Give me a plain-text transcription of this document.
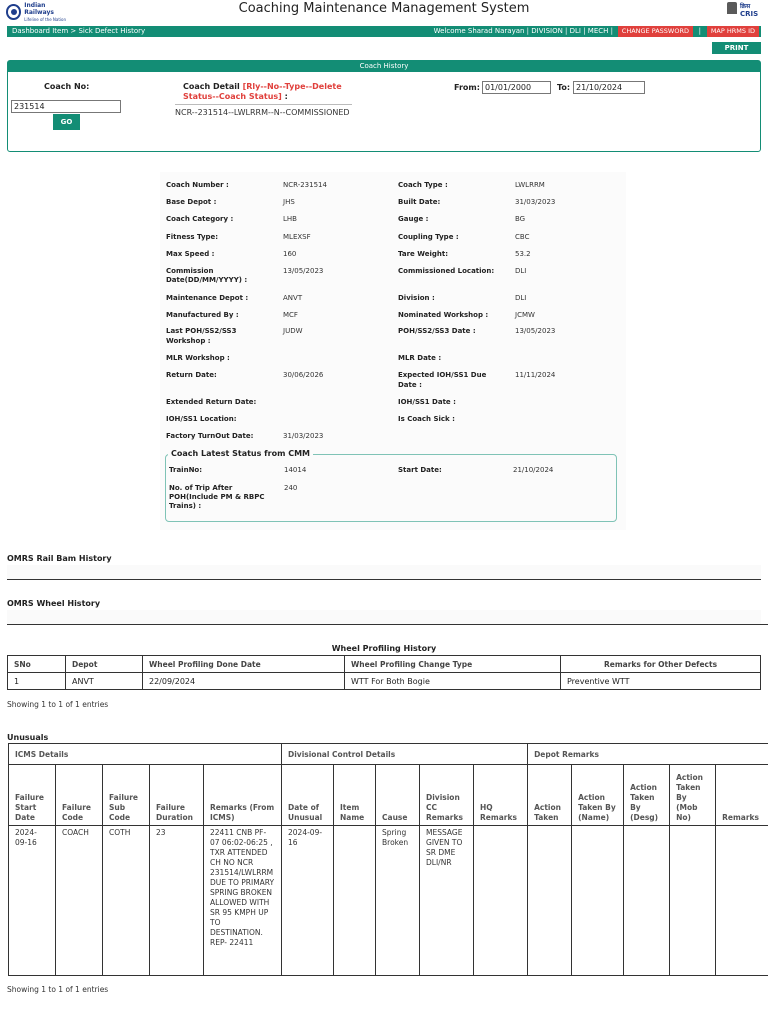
Indian Railways
Lifeline of the Nation
Coaching Maintenance Management System	क्रिस
CRIS
Dashboard Item > Sick Defect History	Welcome Sharad Narayan | DIVISION | DLI | MECH |	CHANGE PASSWORD	|	MAP HRMS ID
PRINT
Coach History
Coach No:
231514
GO
Coach Detail [Rly--No--Type--Delete Status--Coach Status] :
NCR--231514--LWLRRM--N--COMMISSIONED
From: 01/01/2000	To: 21/10/2024
Coach Number :	NCR-231514	Coach Type :	LWLRRM
Base Depot :	JHS	Built Date:	31/03/2023
Coach Category :	LHB	Gauge :	BG
Fitness Type:	MLEXSF	Coupling Type :	CBC
Max Speed :	160	Tare Weight:	53.2
Commission
Date(DD/MM/YYYY) :
13/05/2023	Commissioned Location:	DLI
Maintenance Depot :	ANVT	Division :	DLI
Manufactured By :	MCF	Nominated Workshop :	JCMW
Last POH/SS2/SS3
Workshop :
JUDW	POH/SS2/SS3 Date :	13/05/2023
MLR Workshop :	MLR Date :
Return Date:	30/06/2026	Expected IOH/SS1 Due
Date :
11/11/2024
Extended Return Date:	IOH/SS1 Date :
IOH/SS1 Location:	Is Coach Sick :
Factory TurnOut Date:	31/03/2023
Coach Latest Status from CMM
TrainNo:	14014	Start Date:	21/10/2024
No. of Trip After
POH(Include PM & RBPC
Trains) :
240
OMRS Rail Bam History
OMRS Wheel History
Wheel Profiling History
SNo	Depot	Wheel Profiling Done Date	Wheel Profiling Change Type	Remarks for Other Defects
1	ANVT	22/09/2024	WTT For Both Bogie	Preventive WTT
Showing 1 to 1 of 1 entries
Unusuals
ICMS Details					Divisional Control Details					Depot Remarks				
Failure Start Date	Failure Code	Failure Sub Code	Failure Duration	Remarks (From ICMS)	Date of Unusual	Item Name	Cause	Division CC Remarks	HQ Remarks	Action Taken	Action Taken By (Name)	Action Taken By (Desg)	Action Taken By (Mob No)	Remarks
2024-09-16	COACH	COTH	23	22411 CNB PF-07 06:02-06:25 , TXR ATTENDED CH NO NCR 231514/LWLRRM DUE TO PRIMARY SPRING BROKEN ALLOWED WITH SR 95 KMPH UP TO DESTINATION. REP- 22411	2024-09-16		Spring Broken	MESSAGE GIVEN TO SR DME DLI/NR						
Showing 1 to 1 of 1 entries
